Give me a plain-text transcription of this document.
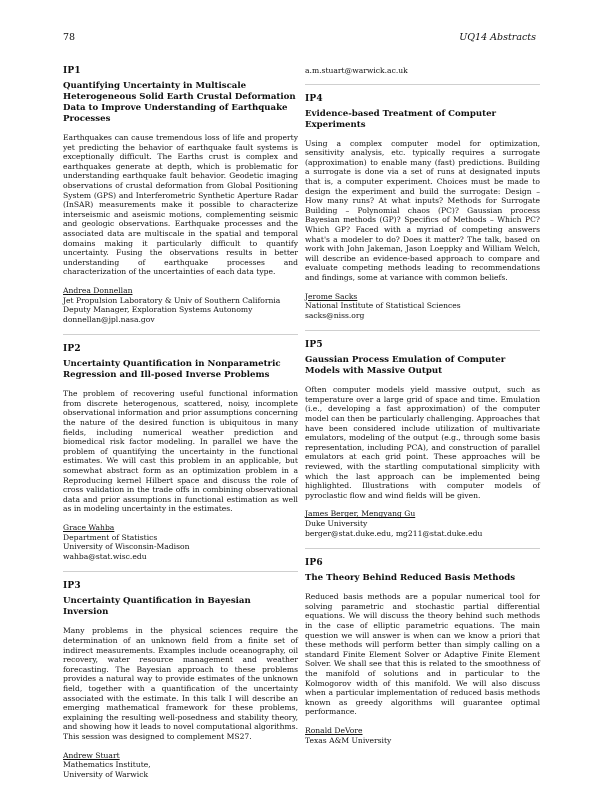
78	UQ14 Abstracts
IP1
Quantifying Uncertainty in Multiscale Heterogeneous Solid Earth Crustal Deformation Data to Improve Understanding of Earthquake Processes
Earthquakes can cause tremendous loss of life and property yet predicting the behavior of earthquake fault systems is exceptionally difficult. The Earths crust is complex and earthquakes generate at depth, which is problematic for understanding earthquake fault behavior. Geodetic imaging observations of crustal deformation from Global Positioning System (GPS) and Interferometric Synthetic Aperture Radar (InSAR) measurements make it possible to characterize interseismic and aseismic motions, complementing seismic and geologic observations. Earthquake processes and the associated data are multiscale in the spatial and temporal domains making it particularly difficult to quantify uncertainty. Fusing the observations results in better understanding of earthquake processes and characterization of the uncertainties of each data type.
Andrea Donnellan
Jet Propulsion Laboratory & Univ of Southern California
Deputy Manager, Exploration Systems Autonomy
donnellan@jpl.nasa.gov
IP2
Uncertainty Quantification in Nonparametric Regression and Ill-posed Inverse Problems
The problem of recovering useful functional information from discrete heterogenous, scattered, noisy, incomplete observational information and prior assumptions concerning the nature of the desired function is ubiquitous in many fields, including numerical weather prediction and biomedical risk factor modeling. In parallel we have the problem of quantifying the uncertainty in the functional estimates. We will cast this problem in an applicable, but somewhat abstract form as an optimization problem in a Reproducing kernel Hilbert space and discuss the role of cross validation in the trade offs in combining observational data and prior assumptions in functional estimation as well as in modeling uncertainty in the estimates.
Grace Wahba
Department of Statistics
University of Wisconsin-Madison
wahba@stat.wisc.edu
IP3
Uncertainty Quantification in Bayesian Inversion
Many problems in the physical sciences require the determination of an unknown field from a finite set of indirect measurements. Examples include oceanography, oil recovery, water resource management and weather forecasting. The Bayesian approach to these problems provides a natural way to provide estimates of the unknown field, together with a quantification of the uncertainty associated with the estimate. In this talk I will describe an emerging mathematical framework for these problems, explaining the resulting well-posedness and stability theory, and showing how it leads to novel computational algorithms. This session was designed to complement MS27.
Andrew Stuart
Mathematics Institute,
University of Warwick
a.m.stuart@warwick.ac.uk
IP4
Evidence-based Treatment of Computer Experiments
Using a complex computer model for optimization, sensitivity analysis, etc. typically requires a surrogate (approximation) to enable many (fast) predictions. Building a surrogate is done via a set of runs at designated inputs that is, a computer experiment. Choices must be made to design the experiment and build the surrogate: Design – How many runs? At what inputs? Methods for Surrogate Building – Polynomial chaos (PC)? Gaussian process Bayesian methods (GP)? Specifics of Methods – Which PC? Which GP? Faced with a myriad of competing answers what's a modeler to do? Does it matter? The talk, based on work with John Jakeman, Jason Loeppky and William Welch, will describe an evidence-based approach to compare and evaluate competing methods leading to recommendations and findings, some at variance with common beliefs.
Jerome Sacks
National Institute of Statistical Sciences
sacks@niss.org
IP5
Gaussian Process Emulation of Computer Models with Massive Output
Often computer models yield massive output, such as temperature over a large grid of space and time. Emulation (i.e., developing a fast approximation) of the computer model can then be particularly challenging. Approaches that have been considered include utilization of multivariate emulators, modeling of the output (e.g., through some basis representation, including PCA), and construction of parallel emulators at each grid point. These approaches will be reviewed, with the startling computational simplicity with which the last approach can be implemented being highlighted. Illustrations with computer models of pyroclastic flow and wind fields will be given.
James Berger, Mengyang Gu
Duke University
berger@stat.duke.edu, mg211@stat.duke.edu
IP6
The Theory Behind Reduced Basis Methods
Reduced basis methods are a popular numerical tool for solving parametric and stochastic partial differential equations. We will discuss the theory behind such methods in the case of elliptic parametric equations. The main question we will answer is when can we know a priori that these methods will perform better than simply calling on a standard Finite Element Solver or Adaptive Finite Element Solver. We shall see that this is related to the smoothness of the manifold of solutions and in particular to the Kolmogorov width of this manifold. We will also discuss when a particular implementation of reduced basis methods known as greedy algorithms will guarantee optimal performance.
Ronald DeVore
Texas A&M University
